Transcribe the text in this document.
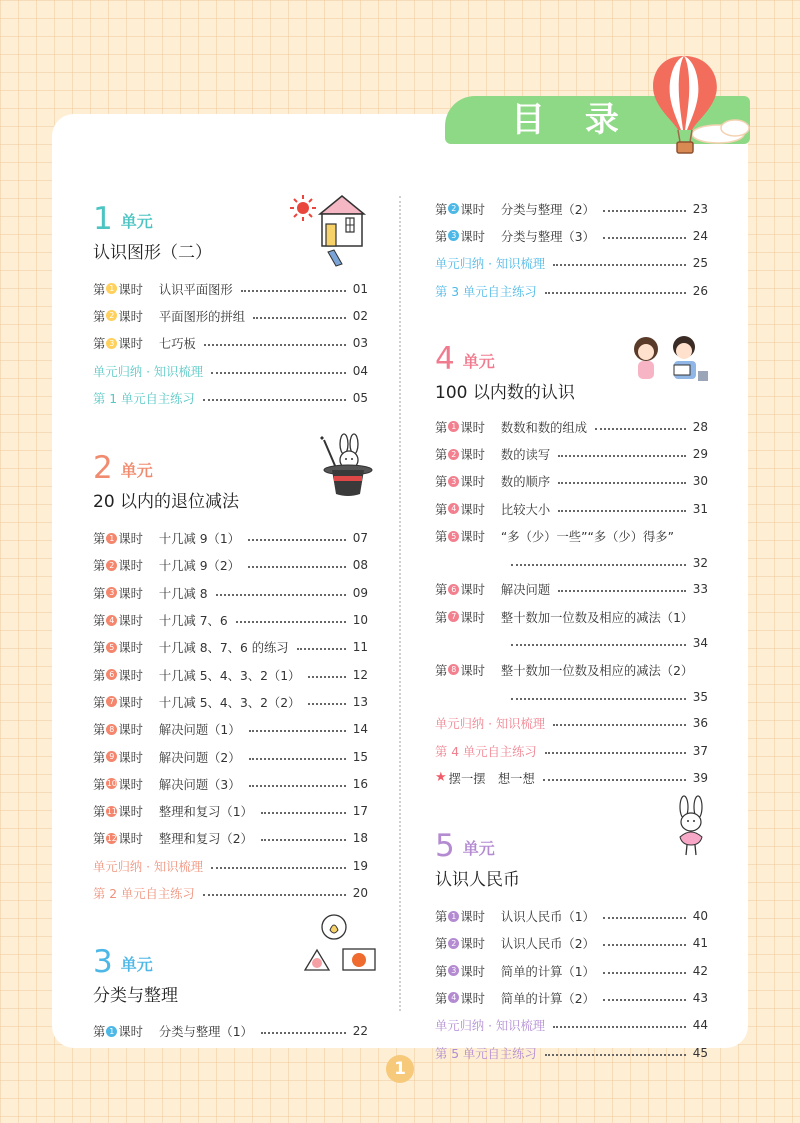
目 录
1 单元
认识图形（二）
第 1 课时 认识平面图形	01
第 2 课时 平面图形的拼组	02
第 3 课时 七巧板	03
单元归纳 · 知识梳理	04
第 1 单元自主练习	05
2 单元
20 以内的退位减法
第 1 课时 十几减 9（1）	07
第 2 课时 十几减 9（2）	08
第 3 课时 十几减 8	09
第 4 课时 十几减 7、6	10
第 5 课时 十几减 8、7、6 的练习	11
第 6 课时 十几减 5、4、3、2（1）	12
第 7 课时 十几减 5、4、3、2（2）	13
第 8 课时 解决问题（1）	14
第 9 课时 解决问题（2）	15
第 10 课时 解决问题（3）	16
第 11 课时 整理和复习（1）	17
第 12 课时 整理和复习（2）	18
单元归纳 · 知识梳理	19
第 2 单元自主练习	20
3 单元
分类与整理
第 1 课时 分类与整理（1）	22
第 2 课时 分类与整理（2）	23
第 3 课时 分类与整理（3）	24
单元归纳 · 知识梳理	25
第 3 单元自主练习	26
4 单元
100 以内数的认识
第 1 课时 数数和数的组成	28
第 2 课时 数的读写	29
第 3 课时 数的顺序	30
第 4 课时 比较大小	31
第 5 课时 “多（少）一些”“多（少）得多”
32
第 6 课时 解决问题	33
第 7 课时 整十数加一位数及相应的减法（1）
34
第 8 课时 整十数加一位数及相应的减法（2）
35
单元归纳 · 知识梳理	36
第 4 单元自主练习	37
★ 摆一摆　想一想	39
5 单元
认识人民币
第 1 课时 认识人民币（1）	40
第 2 课时 认识人民币（2）	41
第 3 课时 简单的计算（1）	42
第 4 课时 简单的计算（2）	43
单元归纳 · 知识梳理	44
第 5 单元自主练习	45
1
